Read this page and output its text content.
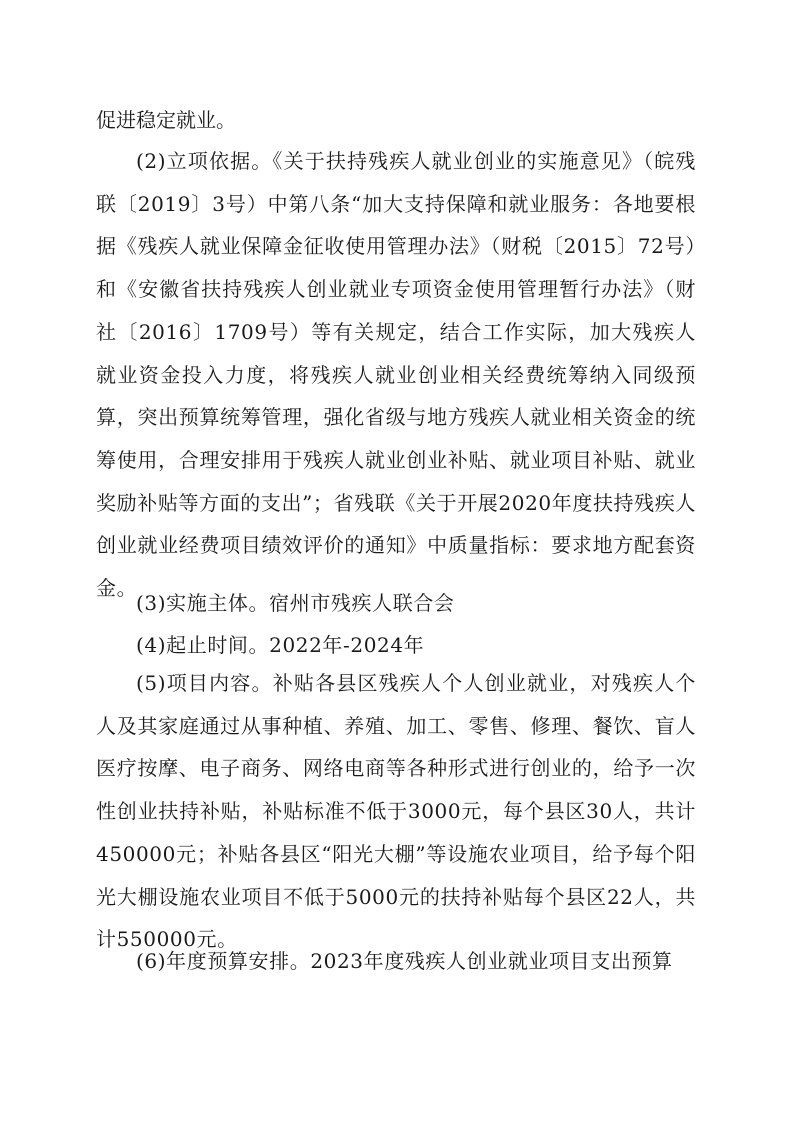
促进稳定就业。

(2)立项依据。《关于扶持残疾人就业创业的实施意见》（皖残联〔2019〕3号）中第八条“加大支持保障和就业服务：各地要根据《残疾人就业保障金征收使用管理办法》（财税〔2015〕72号）和《安徽省扶持残疾人创业就业专项资金使用管理暂行办法》（财社〔2016〕1709号）等有关规定，结合工作实际，加大残疾人就业资金投入力度，将残疾人就业创业相关经费统筹纳入同级预算，突出预算统筹管理，强化省级与地方残疾人就业相关资金的统筹使用，合理安排用于残疾人就业创业补贴、就业项目补贴、就业奖励补贴等方面的支出”；省残联《关于开展2020年度扶持残疾人创业就业经费项目绩效评价的通知》中质量指标：要求地方配套资金。

(3)实施主体。宿州市残疾人联合会

(4)起止时间。2022年-2024年

(5)项目内容。补贴各县区残疾人个人创业就业，对残疾人个人及其家庭通过从事种植、养殖、加工、零售、修理、餐饮、盲人医疗按摩、电子商务、网络电商等各种形式进行创业的，给予一次性创业扶持补贴，补贴标准不低于3000元，每个县区30人，共计450000元；补贴各县区“阳光大棚”等设施农业项目，给予每个阳光大棚设施农业项目不低于5000元的扶持补贴每个县区22人，共计550000元。

(6)年度预算安排。2023年度残疾人创业就业项目支出预算
